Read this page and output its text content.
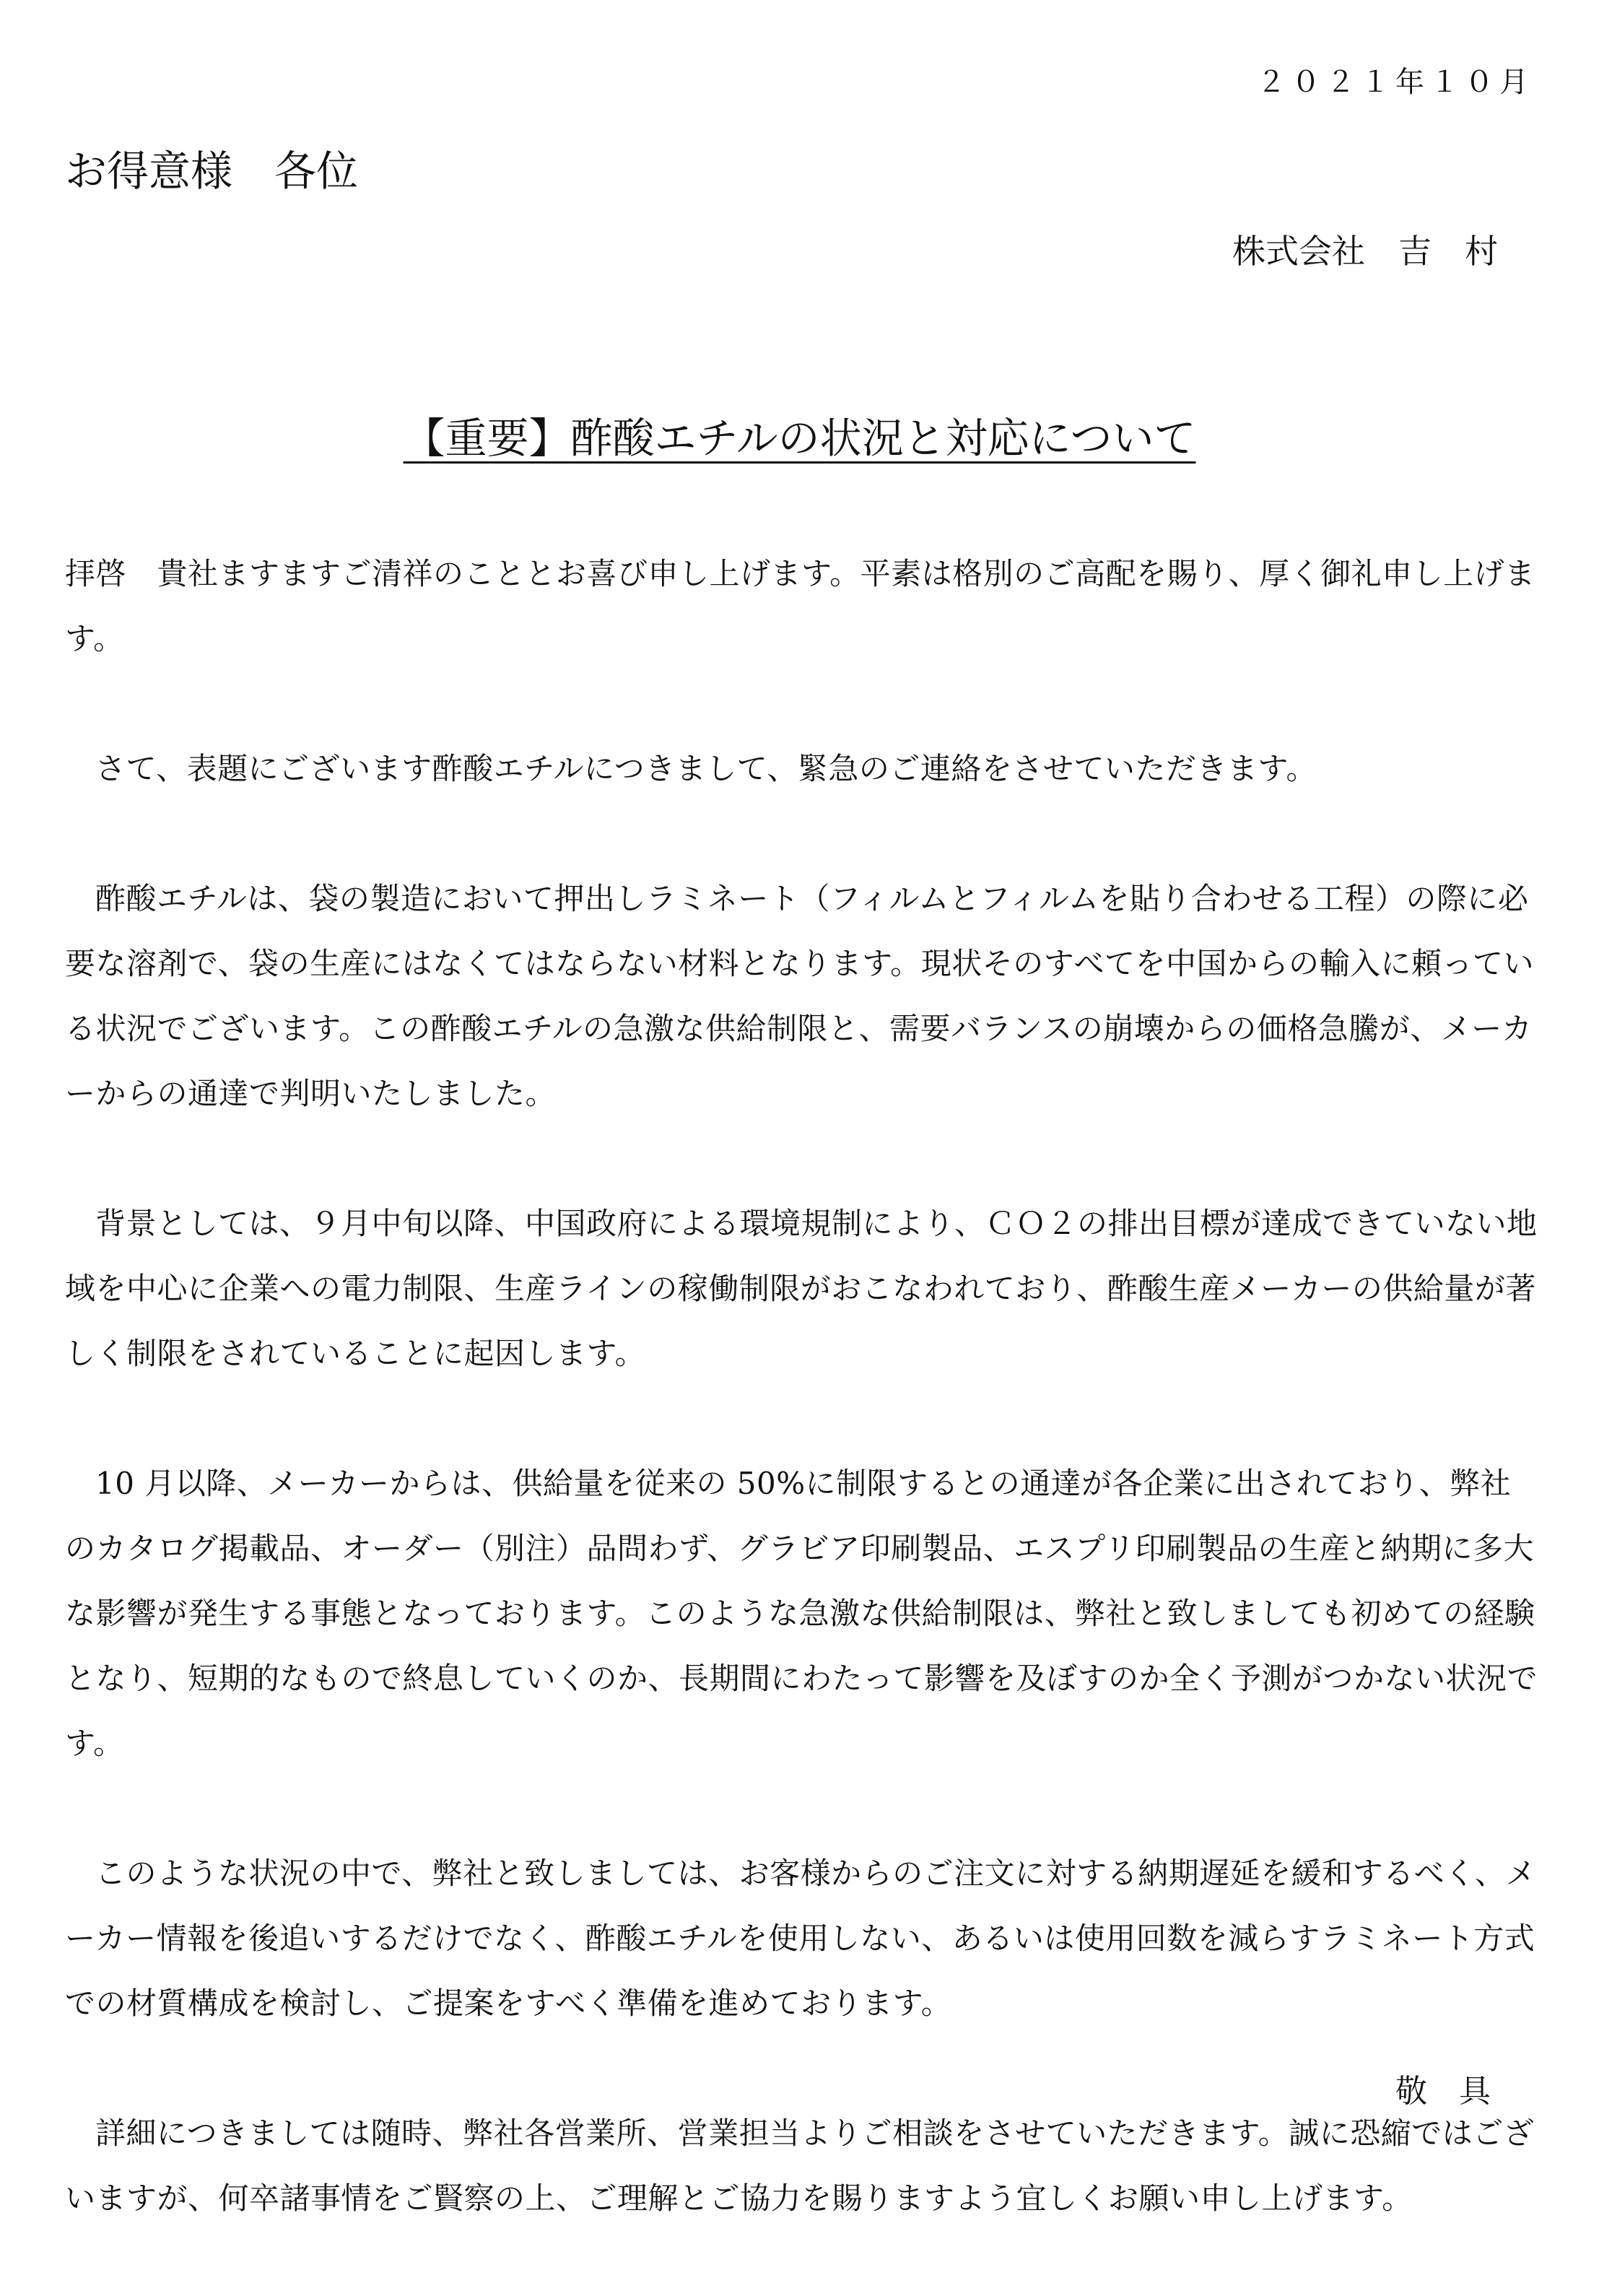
２０２１年１０月
お得意様　各位
株式会社　吉　村
【重要】酢酸エチルの状況と対応について

拝啓　貴社ますますご清祥のこととお喜び申し上げます。平素は格別のご高配を賜り、厚く御礼申し上げます。

さて、表題にございます酢酸エチルにつきまして、緊急のご連絡をさせていただきます。

酢酸エチルは、袋の製造において押出しラミネート（フィルムとフィルムを貼り合わせる工程）の際に必要な溶剤で、袋の生産にはなくてはならない材料となります。現状そのすべてを中国からの輸入に頼っている状況でございます。この酢酸エチルの急激な供給制限と、需要バランスの崩壊からの価格急騰が、メーカーからの通達で判明いたしました。

背景としては、９月中旬以降、中国政府による環境規制により、ＣＯ２の排出目標が達成できていない地域を中心に企業への電力制限、生産ラインの稼働制限がおこなわれており、酢酸生産メーカーの供給量が著しく制限をされていることに起因します。

10 月以降、メーカーからは、供給量を従来の 50%に制限するとの通達が各企業に出されており、弊社のカタログ掲載品、オーダー（別注）品問わず、グラビア印刷製品、エスプリ印刷製品の生産と納期に多大な影響が発生する事態となっております。このような急激な供給制限は、弊社と致しましても初めての経験となり、短期的なもので終息していくのか、長期間にわたって影響を及ぼすのか全く予測がつかない状況です。

このような状況の中で、弊社と致しましては、お客様からのご注文に対する納期遅延を緩和するべく、メーカー情報を後追いするだけでなく、酢酸エチルを使用しない、あるいは使用回数を減らすラミネート方式での材質構成を検討し、ご提案をすべく準備を進めております。

詳細につきましては随時、弊社各営業所、営業担当よりご相談をさせていただきます。誠に恐縮ではございますが、何卒諸事情をご賢察の上、ご理解とご協力を賜りますよう宜しくお願い申し上げます。

敬　具
